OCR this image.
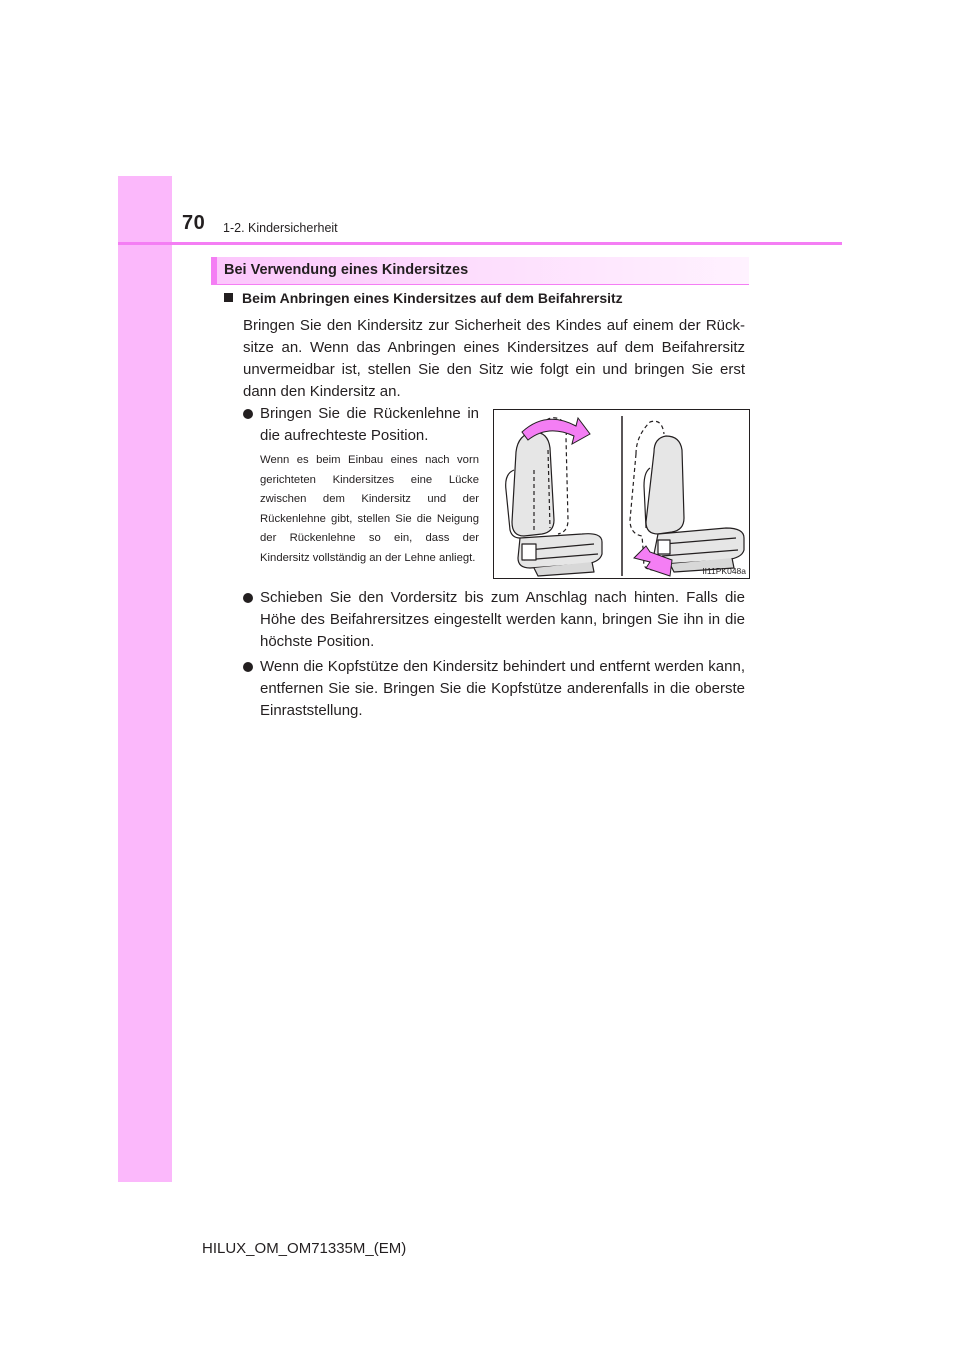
70 1-2. Kindersicherheit
Bei Verwendung eines Kindersitzes
Beim Anbringen eines Kindersitzes auf dem Beifahrersitz

Bringen Sie den Kindersitz zur Sicherheit des Kindes auf einem der Rück-sitze an. Wenn das Anbringen eines Kindersitzes auf dem Beifahrersitz unvermeidbar ist, stellen Sie den Sitz wie folgt ein und bringen Sie erst dann den Kindersitz an.

Bringen Sie die Rückenlehne in die aufrechteste Position.

Wenn es beim Einbau eines nach vorn gerichteten Kindersitzes eine Lücke zwischen dem Kindersitz und der Rückenlehne gibt, stellen Sie die Neigung der Rückenlehne so ein, dass der Kindersitz vollständig an der Lehne anliegt.

II11PK048a
Schieben Sie den Vordersitz bis zum Anschlag nach hinten. Falls die Höhe des Beifahrersitzes eingestellt werden kann, bringen Sie ihn in die höchste Position.
Wenn die Kopfstütze den Kindersitz behindert und entfernt werden kann, entfernen Sie sie. Bringen Sie die Kopfstütze anderenfalls in die oberste Einraststellung.
HILUX_OM_OM71335M_(EM)
